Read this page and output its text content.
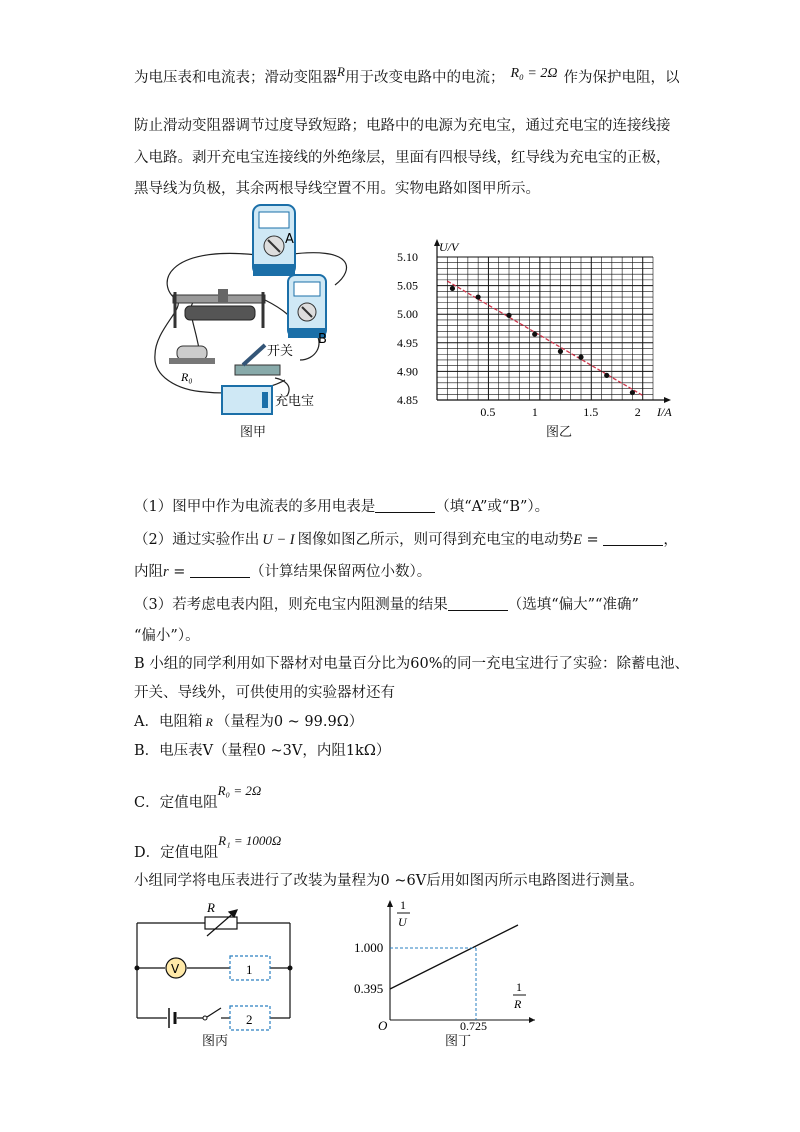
为电压表和电流表；滑动变阻器R用于改变电路中的电流； R₀ = 2Ω 作为保护电阻，以
防止滑动变阻器调节过度导致短路；电路中的电源为充电宝，通过充电宝的连接线接
入电路。剥开充电宝连接线的外绝缘层，里面有四根导线，红导线为充电宝的正极，
黑导线为负极，其余两根导线空置不用。实物电路如图甲所示。
A
B
R₀
开关
充电宝
图甲
5.10
5.05
5.00
4.95
4.90
4.85
0.5	1	1.5	2
U/V
I/A
图乙
（1）图甲中作为电流表的多用电表是	（填“A”或“B”）。
（2）通过实验作出 U − I 图像如图乙所示，则可得到充电宝的电动势E =	，
内阻r =	（计算结果保留两位小数）。
（3）若考虑电表内阻，则充电宝内阻测量的结果	（选填“偏大”“准确”
“偏小”）。
B 小组的同学利用如下器材对电量百分比为60%的同一充电宝进行了实验：除蓄电池、
开关、导线外，可供使用的实验器材还有
A．电阻箱 R （量程为0 ~ 99.9Ω）
B．电压表V（量程0 ~3V，内阻1kΩ）
C．定值电阻R₀ = 2Ω
D．定值电阻R₁ = 1000Ω
小组同学将电压表进行了改装为量程为0 ~6V后用如图丙所示电路图进行测量。
V	1
2
R
图丙
1.000
0.395
0.725
O
1
U
1
R
图丁
